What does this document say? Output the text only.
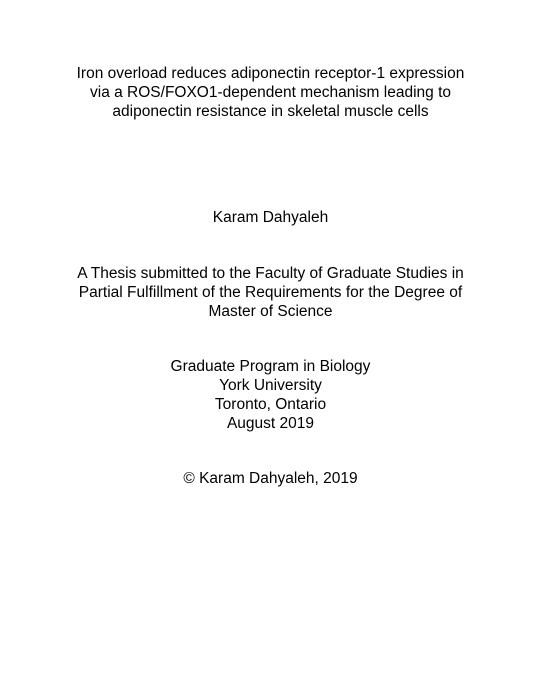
Iron overload reduces adiponectin receptor-1 expression
via a ROS/FOXO1-dependent mechanism leading to
adiponectin resistance in skeletal muscle cells
Karam Dahyaleh
A Thesis submitted to the Faculty of Graduate Studies in
Partial Fulfillment of the Requirements for the Degree of
Master of Science
Graduate Program in Biology
York University
Toronto, Ontario
August 2019
© Karam Dahyaleh, 2019
